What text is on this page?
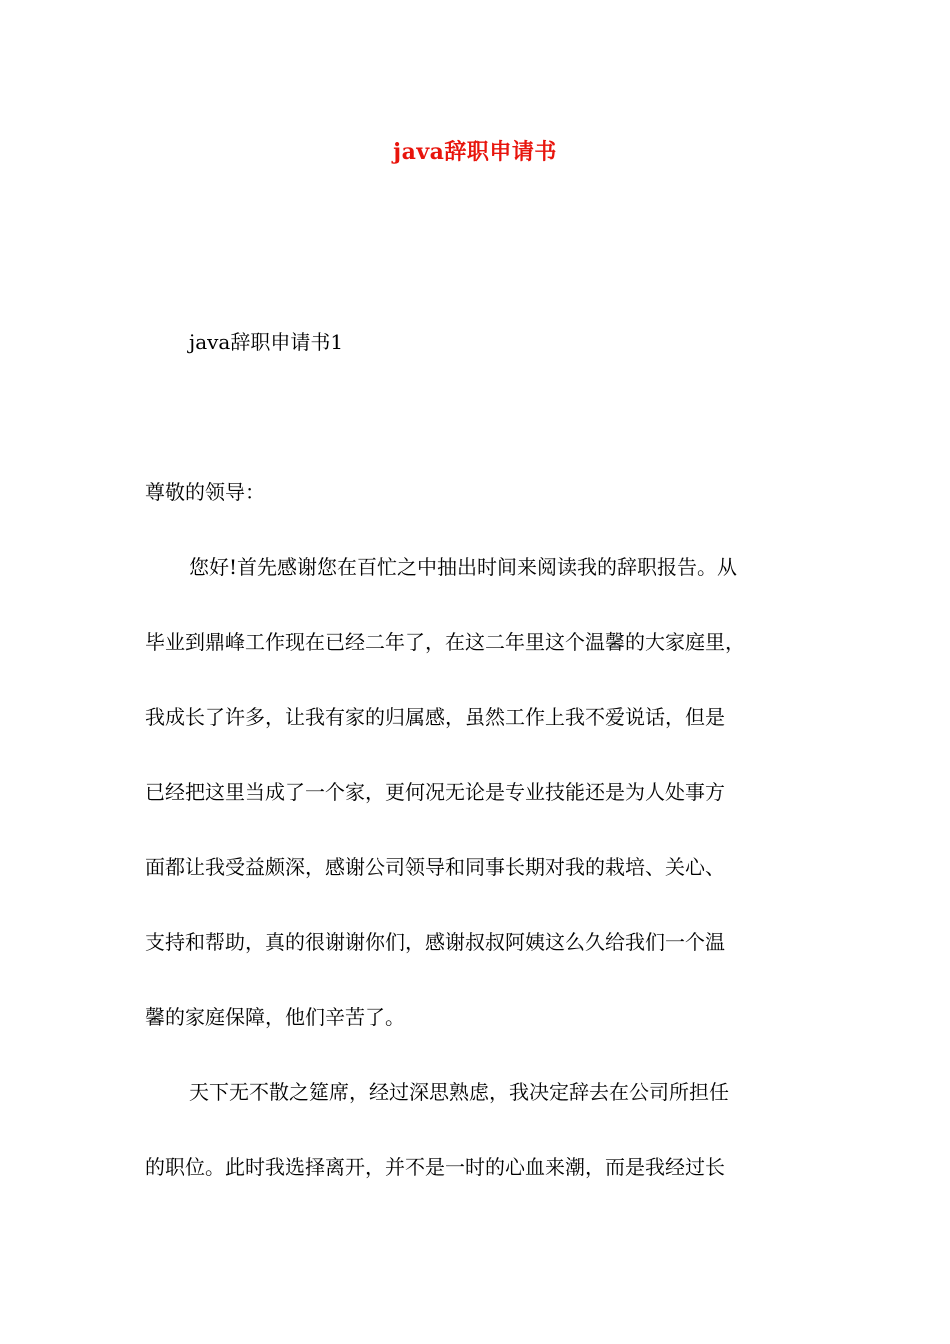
java辞职申请书
java辞职申请书1
尊敬的领导：
您好!首先感谢您在百忙之中抽出时间来阅读我的辞职报告。从
毕业到鼎峰工作现在已经二年了，在这二年里这个温馨的大家庭里，
我成长了许多，让我有家的归属感，虽然工作上我不爱说话，但是
已经把这里当成了一个家，更何况无论是专业技能还是为人处事方
面都让我受益颇深，感谢公司领导和同事长期对我的栽培、关心、
支持和帮助，真的很谢谢你们，感谢叔叔阿姨这么久给我们一个温
馨的家庭保障，他们辛苦了。
天下无不散之筵席，经过深思熟虑，我决定辞去在公司所担任
的职位。此时我选择离开，并不是一时的心血来潮，而是我经过长
